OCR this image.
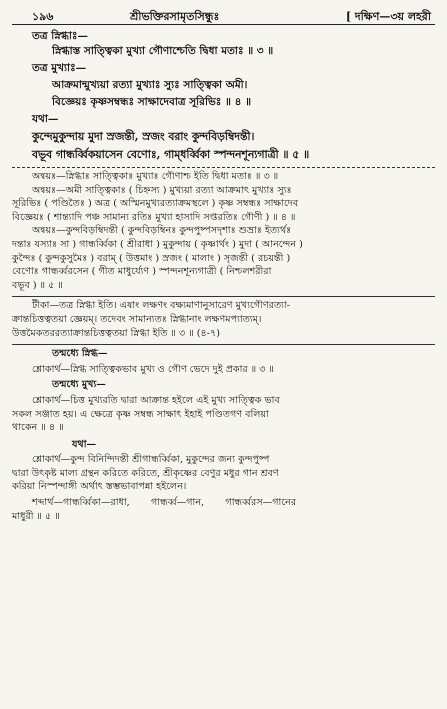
১৯৬	শ্রীভক্তিরসামৃতসিন্ধুঃ	[ দক্ষিণ—৩য় লহরী

তত্র স্নিগ্ধাঃ—

স্নিগ্ধাস্ত সাত্ত্বিকা মুখ্যা গৌণাশ্চেতি দ্বিধা মতাঃ ॥ ৩ ॥

তত্র মুখ্যাঃ—

আক্রমান্মুখ্যয়া রত্যা মুখ্যাঃ স্যুঃ সাত্ত্বিকা অমী।

বিজ্ঞেয়ঃ কৃষ্ণসম্বন্ধঃ সাক্ষাদেবাত্র সূরিভিঃ ॥ ৪ ॥

যথা—

কুন্দেমুকুন্দায় মুদা স্রজন্তী, স্রজং বরাং কুন্দবিড়ম্বিদন্তী।

বভূব গান্ধর্ব্বিকয়াসেন বেণোঃ, গাম্ধর্ব্বিকা স্পন্দনশূন্যগাত্রী ॥ ৫ ॥

অন্বয়ঃ—স্নিগ্ধাঃ সাত্ত্বিকাঃ মুখ্যাঃ গৌণাশ্চ ইতি দ্বিধা মতাঃ ॥ ৩ ॥

অন্বয়ঃ—অমী সাত্ত্বিকাঃ ( চিহ্নস্য ) মুখ্যয়া রত্যা আক্রমাৎ মুখ্যাঃ স্যুঃ

সূরিভিঃ ( পণ্ডিতৈঃ ) অত্র ( অস্মিনমুখ্যরত্যাক্রমস্থলে ) কৃষ্ণ সম্বন্ধঃ সাক্ষাদেব

বিজ্ঞেয়ঃ ( শান্ত্যাদি পঞ্চ সামান্য রতিঃ মুখ্যা হাসাদি সপ্তরতিঃ গৌণী ) ॥ ৪ ॥

অন্বয়ঃ—কুন্দবিড়ম্বিদন্তী ( কুন্দবিড়ম্বিনঃ কুন্দপুষ্পসদৃশাঃ শুভ্রাঃ ইত্যর্থঃ

দন্তাঃ যস্যাঃ সা ) গান্ধর্ব্বিকা ( শ্রীরাধা ) মুকুন্দায় ( কৃষ্ণার্থং ) মুদা ( আনন্দেন )

কুন্দৈঃ ( কুন্দকুসুমৈঃ ) বরাম্ ( উত্তমাং ) স্রজং ( মালাং ) সৃজন্তী ( রচয়ন্তী )

বেণোঃ গান্ধর্ব্বরসেন ( গীত মাধুর্য্যেণ ) স্পন্দনশূন্যগাত্রী ( নিশ্চলশরীরা

বভূব ) ॥ ৫ ॥

টীকা—তত্র স্নিগ্ধা ইতি। এষাং লক্ষণং বক্ষ্যমাণানুসারেণ মুখ্যগৌণরত্যা-

ক্রান্তচিত্তত্বতয়া জ্ঞেয়ম্। তদেবং সামান্যতঃ স্নিগ্ধানাং লক্ষণমপ্যাত্যম্।

উত্তমৈকতররত্যাক্রান্তচিত্তত্বতয়া স্নিগ্ধা ইতি ॥ ৩ ॥ (৪-৭)

তন্মধ্যে স্নিগ্ধ—

শ্লোকার্থ—স্নিগ্ধ সাত্ত্বিকভাব মুখ্য ও গৌণ ভেদে দুই প্রকার ॥ ৩ ॥

তন্মধ্যে মুখ্য—

শ্লোকার্থ—চিত্ত মুখ্যরতি দ্বারা আক্রান্ত হইলে এই মুখ্য সাত্ত্বিক ভাব

সকল সঞ্জাত হয়। এ ক্ষেত্রে কৃষ্ণ সম্বন্ধ সাক্ষাৎ ইহাই পণ্ডিতগণ বলিয়া

থাকেন ॥ ৪ ॥

যথা—

শ্লোকার্থ—কুন্দ বিনিন্দিদন্তী শ্রীগান্ধর্ব্বিকা, মুকুন্দের জন্য কুন্দপুষ্প

দ্বারা উৎকৃষ্ট মাল্য গ্রন্থন করিতে করিতে, শ্রীকৃষ্ণের বেণুর মধুর গান শ্রবণ

করিয়া নিস্পন্দাঙ্গী অর্থাৎ স্তম্ভভাবাপন্না হইলেন।

শব্দার্থ—গান্ধর্ব্বিকা—রাধা,       গান্ধর্ব্ব—গান,       গান্ধর্ব্বরস—গানের

মাধুরী ॥ ৫ ॥
